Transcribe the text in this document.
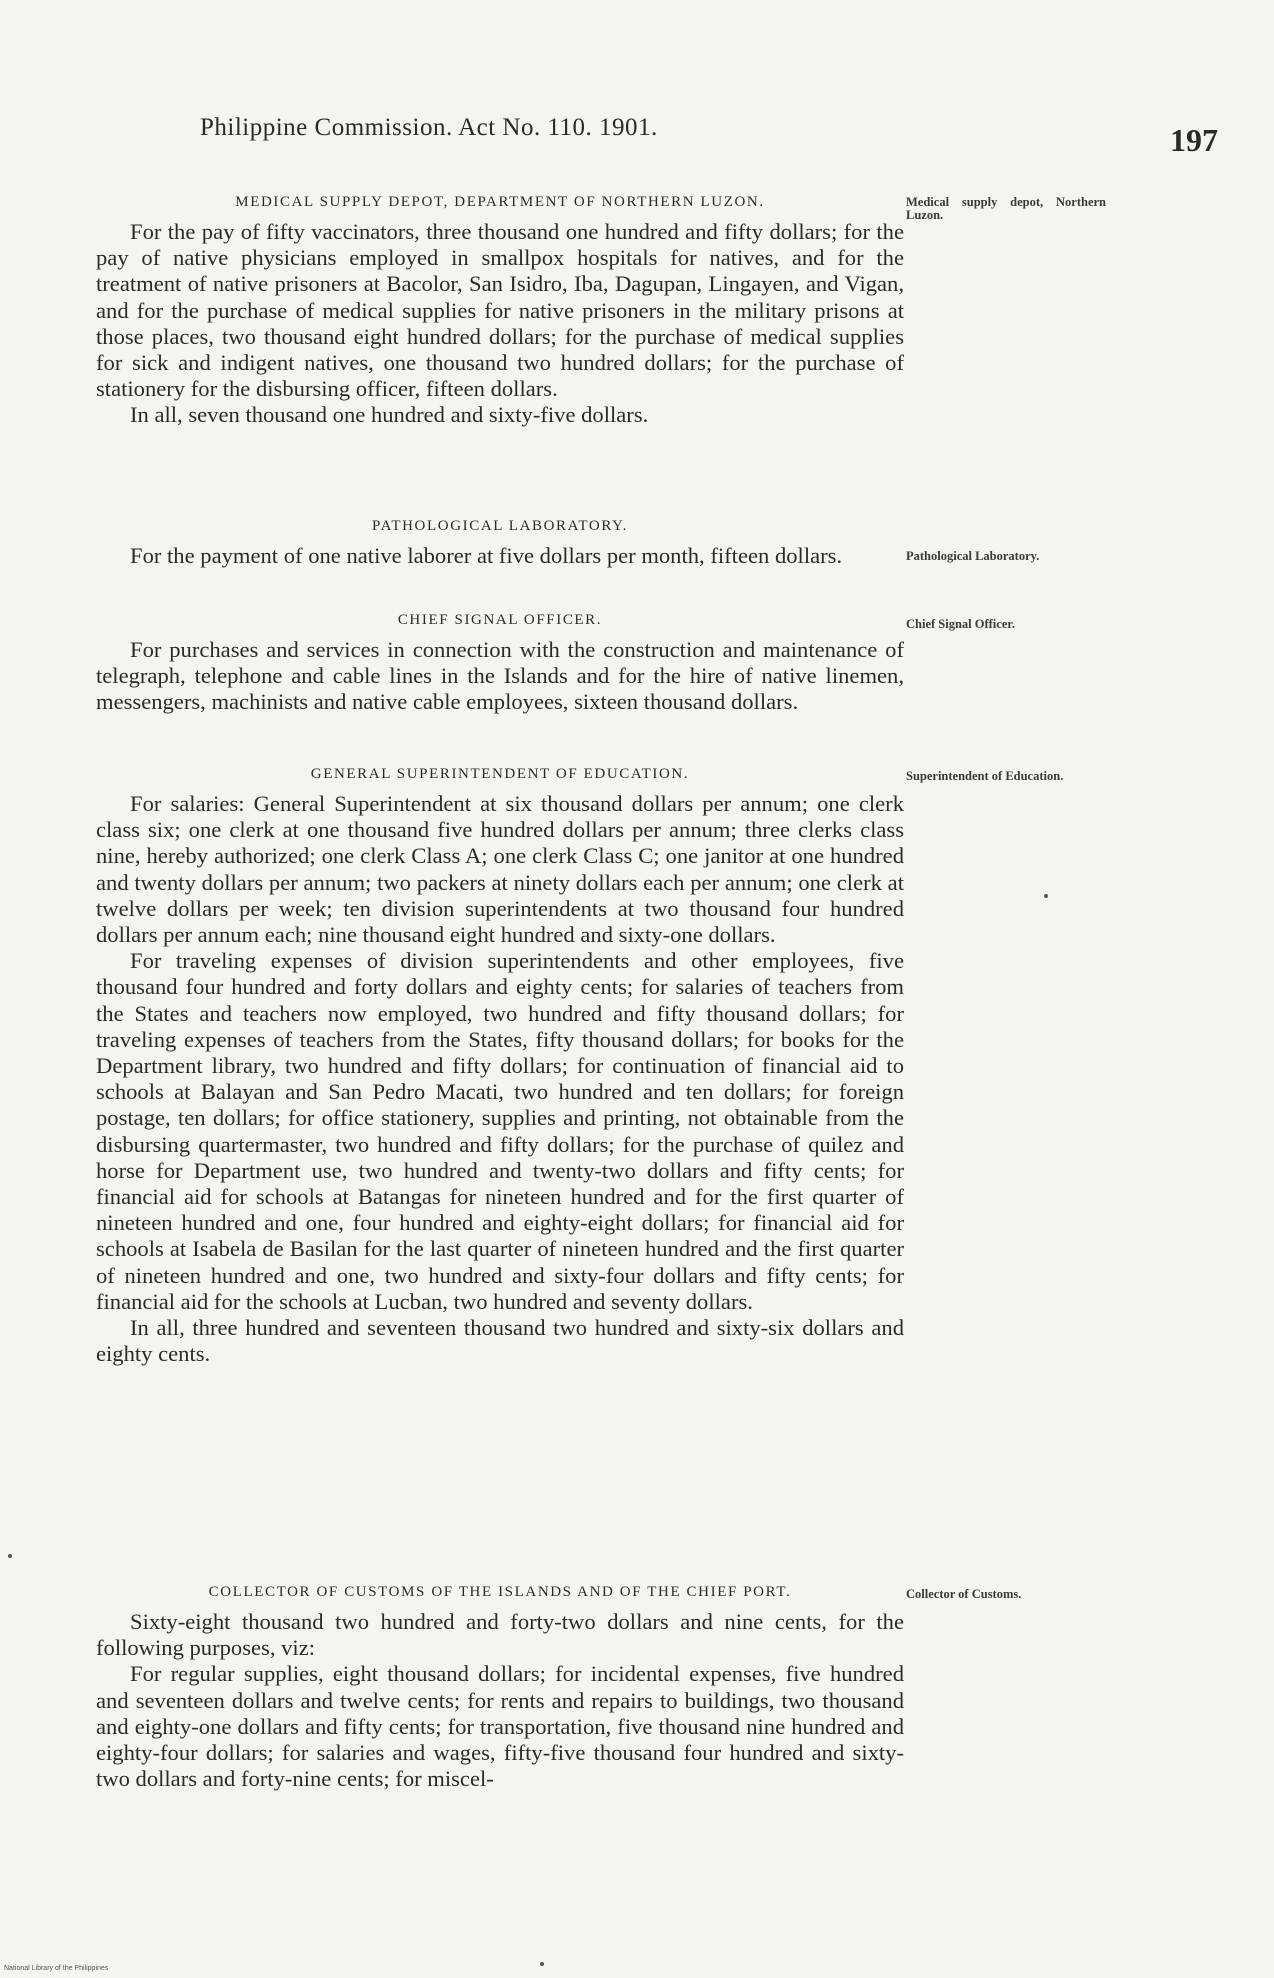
Philippine Commission. Act No. 110. 1901.	197
MEDICAL SUPPLY DEPOT, DEPARTMENT OF NORTHERN LUZON.

For the pay of fifty vaccinators, three thousand one hundred and fifty dollars; for the pay of native physicians employed in smallpox hospitals for natives, and for the treatment of native prisoners at Bacolor, San Isidro, Iba, Dagupan, Lingayen, and Vigan, and for the purchase of medical supplies for native prisoners in the military prisons at those places, two thousand eight hundred dollars; for the purchase of medical supplies for sick and indigent natives, one thousand two hundred dollars; for the purchase of stationery for the disbursing officer, fifteen dollars.

In all, seven thousand one hundred and sixty-five dollars.

Medical supply depot, Northern Luzon.
PATHOLOGICAL LABORATORY.

For the payment of one native laborer at five dollars per month, fifteen dollars.	Pathological Laboratory.
CHIEF SIGNAL OFFICER.

For purchases and services in connection with the construction and maintenance of telegraph, telephone and cable lines in the Islands and for the hire of native linemen, messengers, machinists and native cable employees, sixteen thousand dollars.

Chief Signal Officer.
GENERAL SUPERINTENDENT OF EDUCATION.

For salaries: General Superintendent at six thousand dollars per annum; one clerk class six; one clerk at one thousand five hundred dollars per annum; three clerks class nine, hereby authorized; one clerk Class A; one clerk Class C; one janitor at one hundred and twenty dollars per annum; two packers at ninety dollars each per annum; one clerk at twelve dollars per week; ten division superintendents at two thousand four hundred dollars per annum each; nine thousand eight hundred and sixty-one dollars.

For traveling expenses of division superintendents and other employees, five thousand four hundred and forty dollars and eighty cents; for salaries of teachers from the States and teachers now employed, two hundred and fifty thousand dollars; for traveling expenses of teachers from the States, fifty thousand dollars; for books for the Department library, two hundred and fifty dollars; for continuation of financial aid to schools at Balayan and San Pedro Macati, two hundred and ten dollars; for foreign postage, ten dollars; for office stationery, supplies and printing, not obtainable from the disbursing quartermaster, two hundred and fifty dollars; for the purchase of quilez and horse for Department use, two hundred and twenty-two dollars and fifty cents; for financial aid for schools at Batangas for nineteen hundred and for the first quarter of nineteen hundred and one, four hundred and eighty-eight dollars; for financial aid for schools at Isabela de Basilan for the last quarter of nineteen hundred and the first quarter of nineteen hundred and one, two hundred and sixty-four dollars and fifty cents; for financial aid for the schools at Lucban, two hundred and seventy dollars.

In all, three hundred and seventeen thousand two hundred and sixty-six dollars and eighty cents.

Superintendent of Education.
COLLECTOR OF CUSTOMS OF THE ISLANDS AND OF THE CHIEF PORT.

Sixty-eight thousand two hundred and forty-two dollars and nine cents, for the following purposes, viz:

For regular supplies, eight thousand dollars; for incidental expenses, five hundred and seventeen dollars and twelve cents; for rents and repairs to buildings, two thousand and eighty-one dollars and fifty cents; for transportation, five thousand nine hundred and eighty-four dollars; for salaries and wages, fifty-five thousand four hundred and sixty-two dollars and forty-nine cents; for miscel-

Collector of Customs.
National Library of the Philippines
